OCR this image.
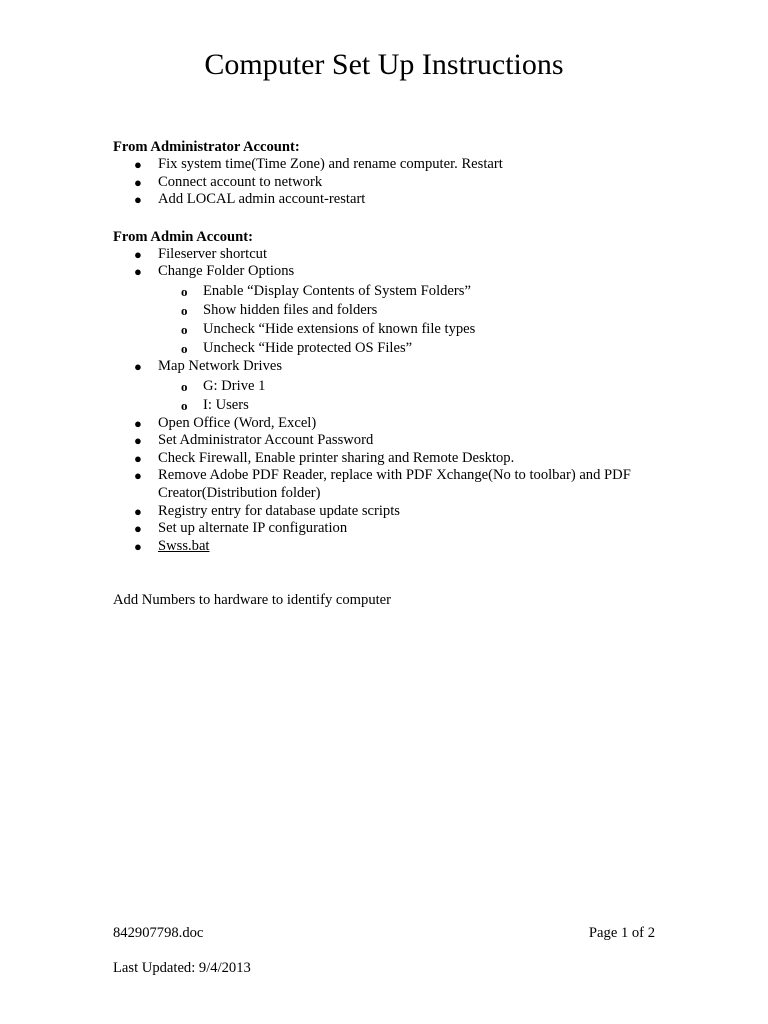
Computer Set Up Instructions
From Administrator Account:
● Fix system time(Time Zone) and rename computer. Restart
● Connect account to network
● Add LOCAL admin account-restart
From Admin Account:
● Fileserver shortcut
● Change Folder Options
o Enable “Display Contents of System Folders”
o Show hidden files and folders
o Uncheck “Hide extensions of known file types
o Uncheck “Hide protected OS Files”
● Map Network Drives
o G: Drive 1
o I: Users
● Open Office (Word, Excel)
● Set Administrator Account Password
● Check Firewall, Enable printer sharing and Remote Desktop.
● Remove Adobe PDF Reader, replace with PDF Xchange(No to toolbar) and PDF Creator(Distribution folder)
● Registry entry for database update scripts
● Set up alternate IP configuration
● Swss.bat
Add Numbers to hardware to identify computer
842907798.doc	Page 1 of 2
Last Updated: 9/4/2013
